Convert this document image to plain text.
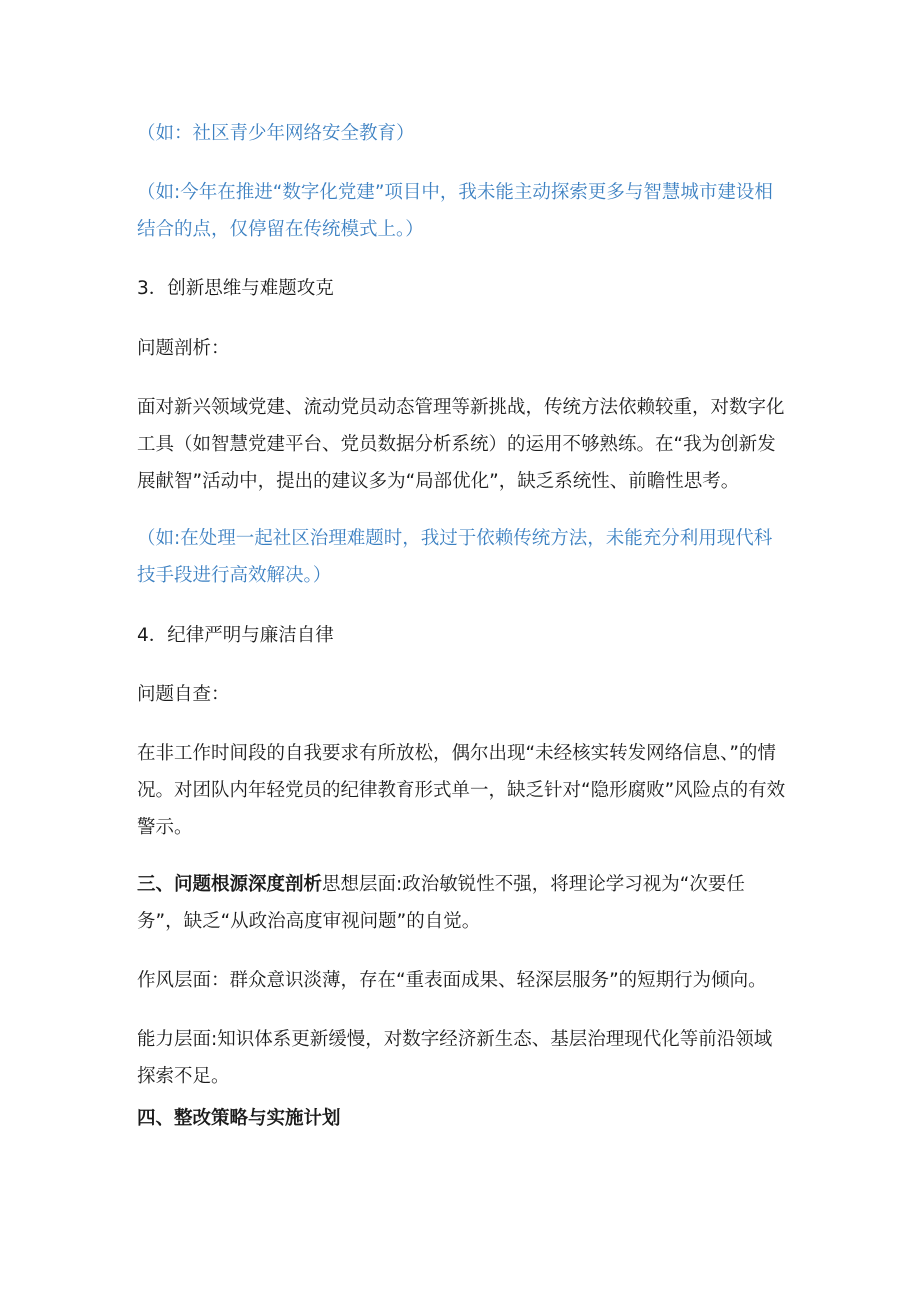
（如：社区青少年网络安全教育）

（如:今年在推进“数字化党建”项目中，我未能主动探索更多与智慧城市建设相结合的点，仅停留在传统模式上。）

3．创新思维与难题攻克

问题剖析：

面对新兴领域党建、流动党员动态管理等新挑战，传统方法依赖较重，对数字化工具（如智慧党建平台、党员数据分析系统）的运用不够熟练。在“我为创新发展献智”活动中，提出的建议多为“局部优化”，缺乏系统性、前瞻性思考。

（如:在处理一起社区治理难题时，我过于依赖传统方法，未能充分利用现代科技手段进行高效解决。）

4．纪律严明与廉洁自律

问题自查：

在非工作时间段的自我要求有所放松，偶尔出现“未经核实转发网络信息、”的情况。对团队内年轻党员的纪律教育形式单一，缺乏针对“隐形腐败”风险点的有效警示。

三、问题根源深度剖析思想层面:政治敏锐性不强，将理论学习视为“次要任务”，缺乏“从政治高度审视问题”的自觉。

作风层面：群众意识淡薄，存在“重表面成果、轻深层服务”的短期行为倾向。

能力层面:知识体系更新缓慢，对数字经济新生态、基层治理现代化等前沿领域探索不足。

四、整改策略与实施计划
